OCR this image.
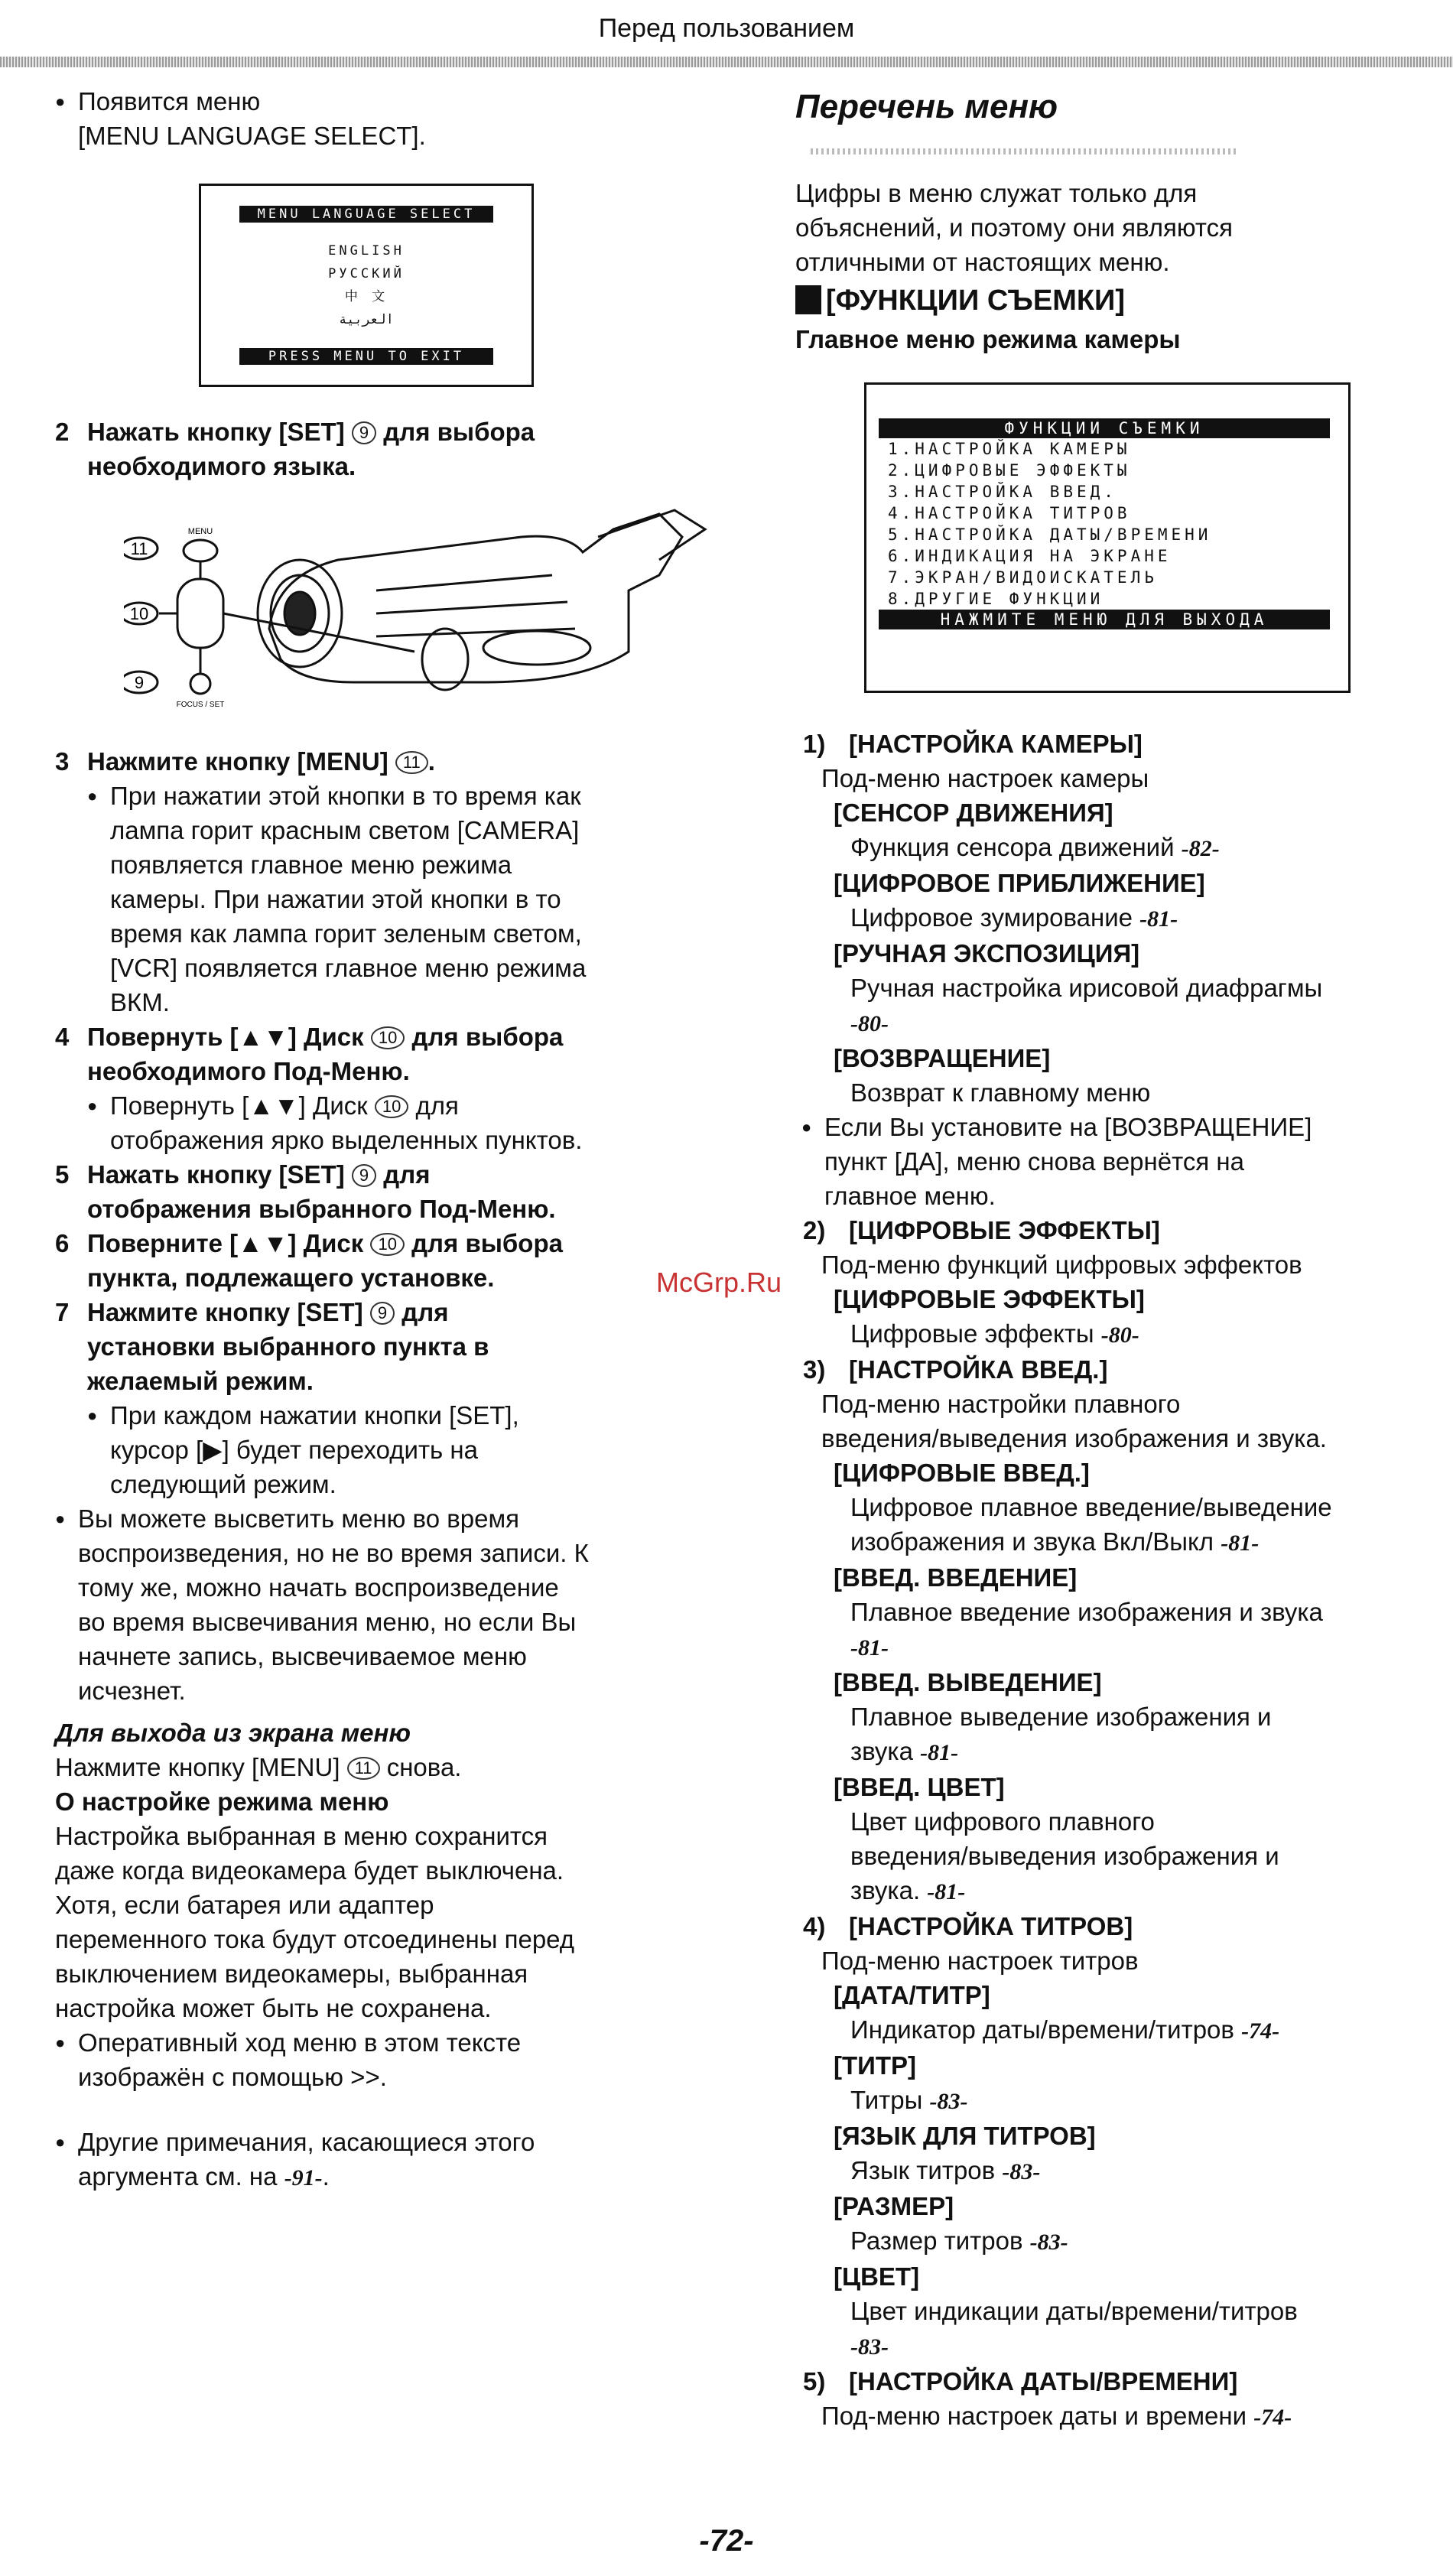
Перед пользованием

● Появится меню
[MENU LANGUAGE SELECT].

MENU LANGUAGE SELECT
ENGLISH
РУССКИЙ
中 文
العربية
PRESS MENU TO EXIT

2 Нажать кнопку [SET] 9 для выбора
необходимого языка.

11
10
9
MENU
FOCUS / SET

3 Нажмите кнопку [MENU] 11 .

● При нажатии этой кнопки в то время как
лампа горит красным светом [CAMERA]
появляется главное меню режима
камеры. При нажатии этой кнопки в то
время как лампа горит зеленым светом,
[VCR] появляется главное меню режима
ВКМ.

4 Повернуть [▲▼] Диск 10 для выбора
необходимого Под-Меню.

● Повернуть [▲▼] Диск 10 для
отображения ярко выделенных пунктов.

5 Нажать кнопку [SET] 9 для
отображения выбранного Под-Меню.

6 Поверните [▲▼] Диск 10 для выбора
пункта, подлежащего установке.

7 Нажмите кнопку [SET] 9 для
установки выбранного пункта в
желаемый режим.

● При каждом нажатии кнопки [SET],
курсор [▶] будет переходить на
следующий режим.

● Вы можете высветить меню во время
воспроизведения, но не во время записи. К
тому же, можно начать воспроизведение
во время высвечивания меню, но если Вы
начнете запись, высвечиваемое меню
исчезнет.

Для выхода из экрана меню

Нажмите кнопку [MENU] 11 снова.

О настройке режима меню

Настройка выбранная в меню сохранится
даже когда видеокамера будет выключена.
Хотя, если батарея или адаптер
переменного тока будут отсоединены перед
выключением видеокамеры, выбранная
настройка может быть не сохранена.

● Оперативный ход меню в этом тексте
изображён с помощью >>.

● Другие примечания, касающиеся этого
аргумента см. на -91-.

Перечень меню

Цифры в меню служат только для
объяснений, и поэтому они являются
отличными от настоящих меню.

[ФУНКЦИИ СЪЕМКИ]

Главное меню режима камеры

ФУНКЦИИ СЪЕМКИ
1.НАСТРОЙКА КАМЕРЫ
2.ЦИФРОВЫЕ ЭФФЕКТЫ
3.НАСТРОЙКА ВВЕД.
4.НАСТРОЙКА ТИТРОВ
5.НАСТРОЙКА ДАТЫ/ВРЕМЕНИ
6.ИНДИКАЦИЯ НА ЭКРАНЕ
7.ЭКРАН/ВИДОИСКАТЕЛЬ
8.ДРУГИЕ ФУНКЦИИ
НАЖМИТЕ МЕНЮ ДЛЯ ВЫХОДА

1) [НАСТРОЙКА КАМЕРЫ]

Под-меню настроек камеры

[СЕНСОР ДВИЖЕНИЯ]

Функция сенсора движений -82-

[ЦИФРОВОЕ ПРИБЛИЖЕНИЕ]

Цифровое зумирование -81-

[РУЧНАЯ ЭКСПОЗИЦИЯ]

Ручная настройка ирисовой диафрагмы
-80-

[ВОЗВРАЩЕНИЕ]

Возврат к главному меню

● Если Вы установите на [ВОЗВРАЩЕНИЕ]
пункт [ДА], меню снова вернётся на
главное меню.

2) [ЦИФРОВЫЕ ЭФФЕКТЫ]

Под-меню функций цифровых эффектов

[ЦИФРОВЫЕ ЭФФЕКТЫ]

Цифровые эффекты -80-

3) [НАСТРОЙКА ВВЕД.]

Под-меню настройки плавного
введения/выведения изображения и звука.

[ЦИФРОВЫЕ ВВЕД.]

Цифровое плавное введение/выведение
изображения и звука Вкл/Выкл -81-

[ВВЕД. ВВЕДЕНИЕ]

Плавное введение изображения и звука
-81-

[ВВЕД. ВЫВЕДЕНИЕ]

Плавное выведение изображения и
звука -81-

[ВВЕД. ЦВЕТ]

Цвет цифрового плавного
введения/выведения изображения и
звука. -81-

4) [НАСТРОЙКА ТИТРОВ]

Под-меню настроек титров

[ДАТА/ТИТР]

Индикатор даты/времени/титров -74-

[ТИТР]

Титры -83-

[ЯЗЫК ДЛЯ ТИТРОВ]

Язык титров -83-

[РАЗМЕР]

Размер титров -83-

[ЦВЕТ]

Цвет индикации даты/времени/титров
-83-

5) [НАСТРОЙКА ДАТЫ/ВРЕМЕНИ]

Под-меню настроек даты и времени -74-

McGrp.Ru
-72-
